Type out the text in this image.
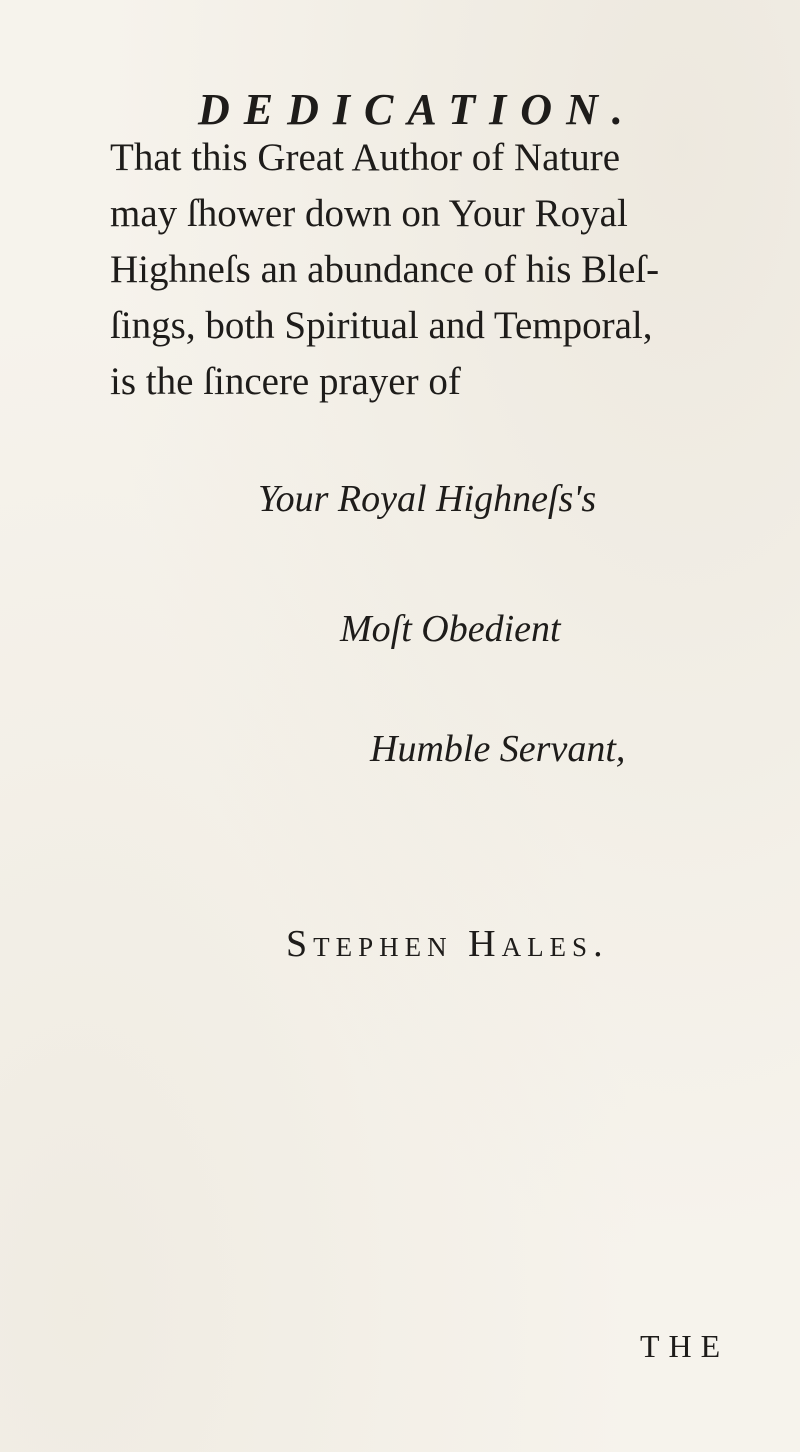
DEDICATION.

That this Great Author of Nature
may ſhower down on Your Royal
Highneſs an abundance of his Bleſ-
ſings, both Spiritual and Temporal,
is the ſincere prayer of

Your Royal Highneſs's

Moſt Obedient

Humble Servant,

Stephen Hales.

THE
